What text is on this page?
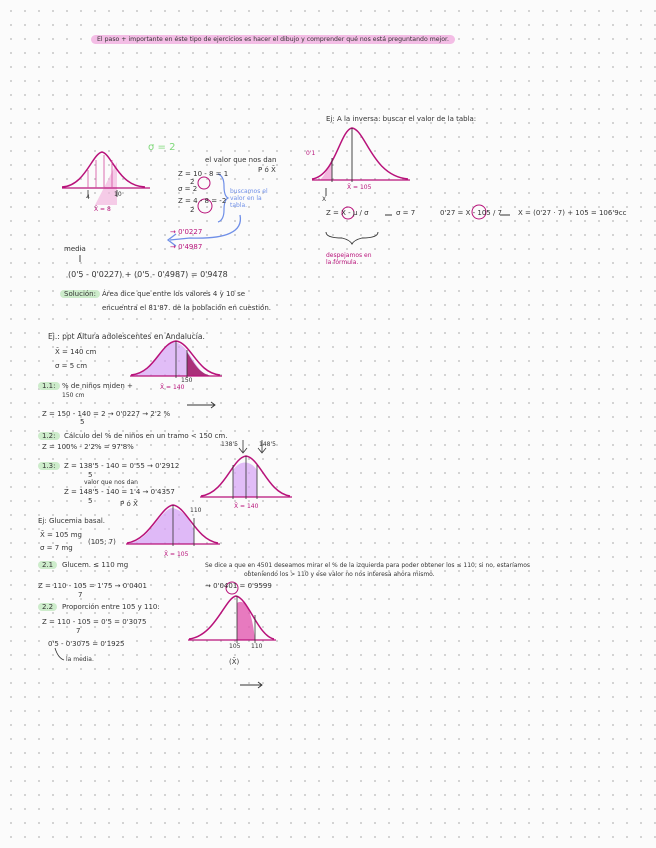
El paso + importante en éste tipo de ejercicios es hacer el dibujo y comprender qué nos está preguntando mejor.
σ = 2
4	10
X̄ = 8
Z = 10 - 8 = 1
2
σ = 2
Z = 4 - 8 = -2
2
el valor que nos dan
P ó X̄
buscamos el valor en la tabla.
→ 0'0227
→ 0'4987
media
(0'5 - 0'0227) + (0'5 - 0'4987) = 0'9478
Solución: Área dice que entre los valores 4 y 10 se
encuentra el 81'87. de la población en cuestión.
Ej: A la inversa: buscar el valor de la tabla:
0'1
X
X̄ = 105
Z = X - μ / σ	σ = 7	0'27 = X - 105 / 7 X = (0'27 · 7) + 105 = 106'9cc
despejamos en la fórmula.
Ej.: ppt Altura adolescentes en Andalucía.
X̄ = 140 cm
σ = 5 cm
150
X̄ = 140
1.1: % de niños miden +
150 cm
Z = 150 - 140 = 2 → 0'0227 → 2'2 %
5
1.2:	Cálculo del % de niños en un tramo < 150 cm.
Z = 100% - 2'2% = 97'8%
1.3:	Z = 138'5 - 140 = 0'55 → 0'2912
5
valor que nos dan
Z = 148'5 - 140 = 1'4 → 0'4357
5	P ó X̄
138'5	148'5
X̄ = 140
Ej: Glucemia basal.
X̄ = 105 mg
σ = 7 mg
(105; 7)
110
X̄ = 105
2.1	Glucem. ≤ 110 mg	Se dice a que en 4501 deseamos mirar el % de la izquierda para poder obtener los ≤ 110; si no, estaríamos
obteniendo los > 110 y ese valor no nos interesa ahora mismo.
Z = 110 - 105 = 1'75 → 0'0401
7
→ 0'0401 = 0'9599
2.2	Proporción entre 105 y 110:
Z = 110 - 105 = 0'5 = 0'3075
7
0'5 - 0'3075 = 0'1925
la media.
105 110
(X̄)
